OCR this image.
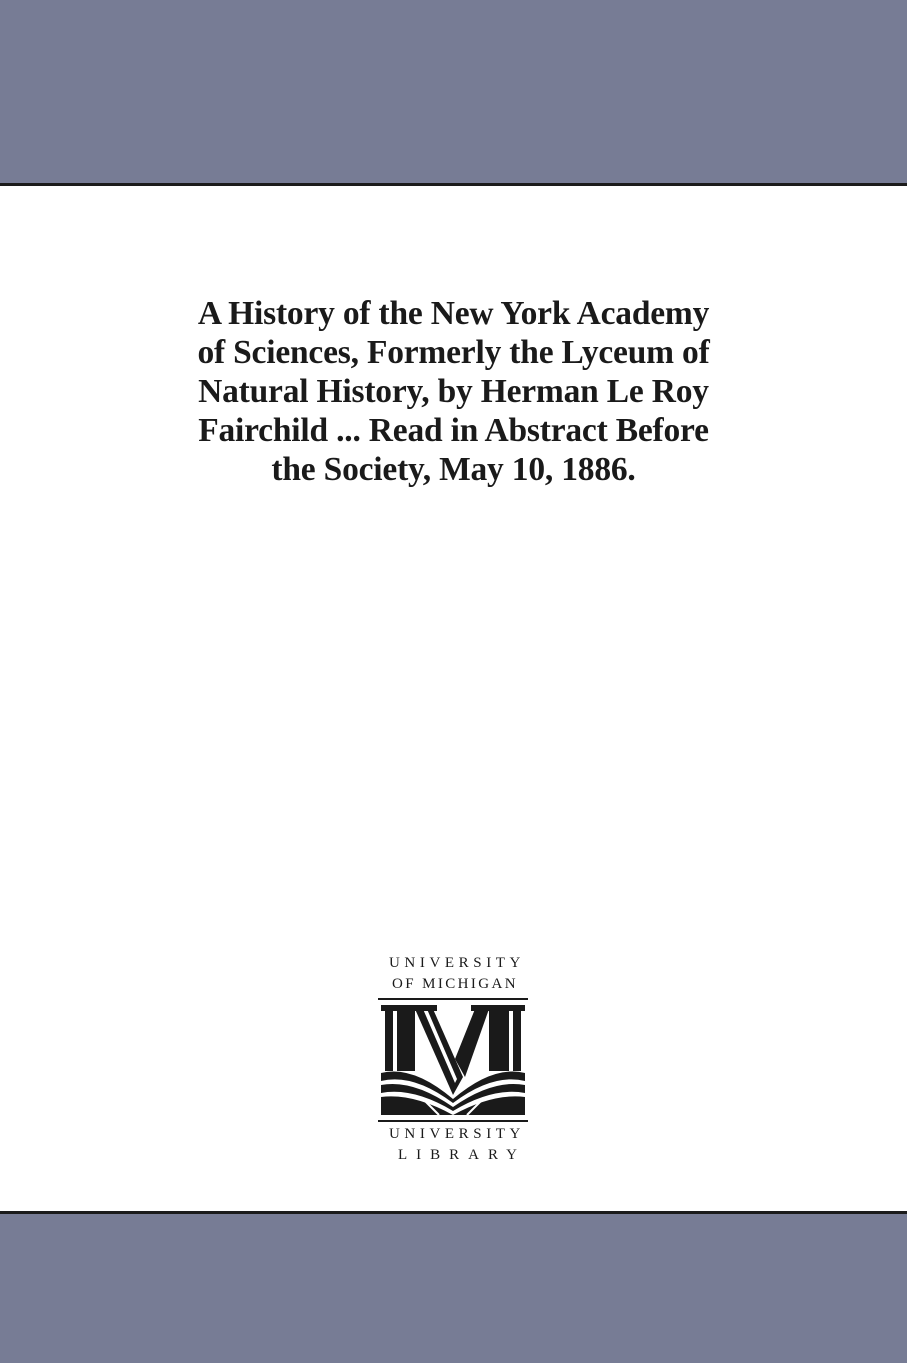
A History of the New York Academy
of Sciences, Formerly the Lyceum of
Natural History, by Herman Le Roy
Fairchild ... Read in Abstract Before
the Society, May 10, 1886.
UNIVERSITY
OF MICHIGAN
UNIVERSITY
LIBRARY
